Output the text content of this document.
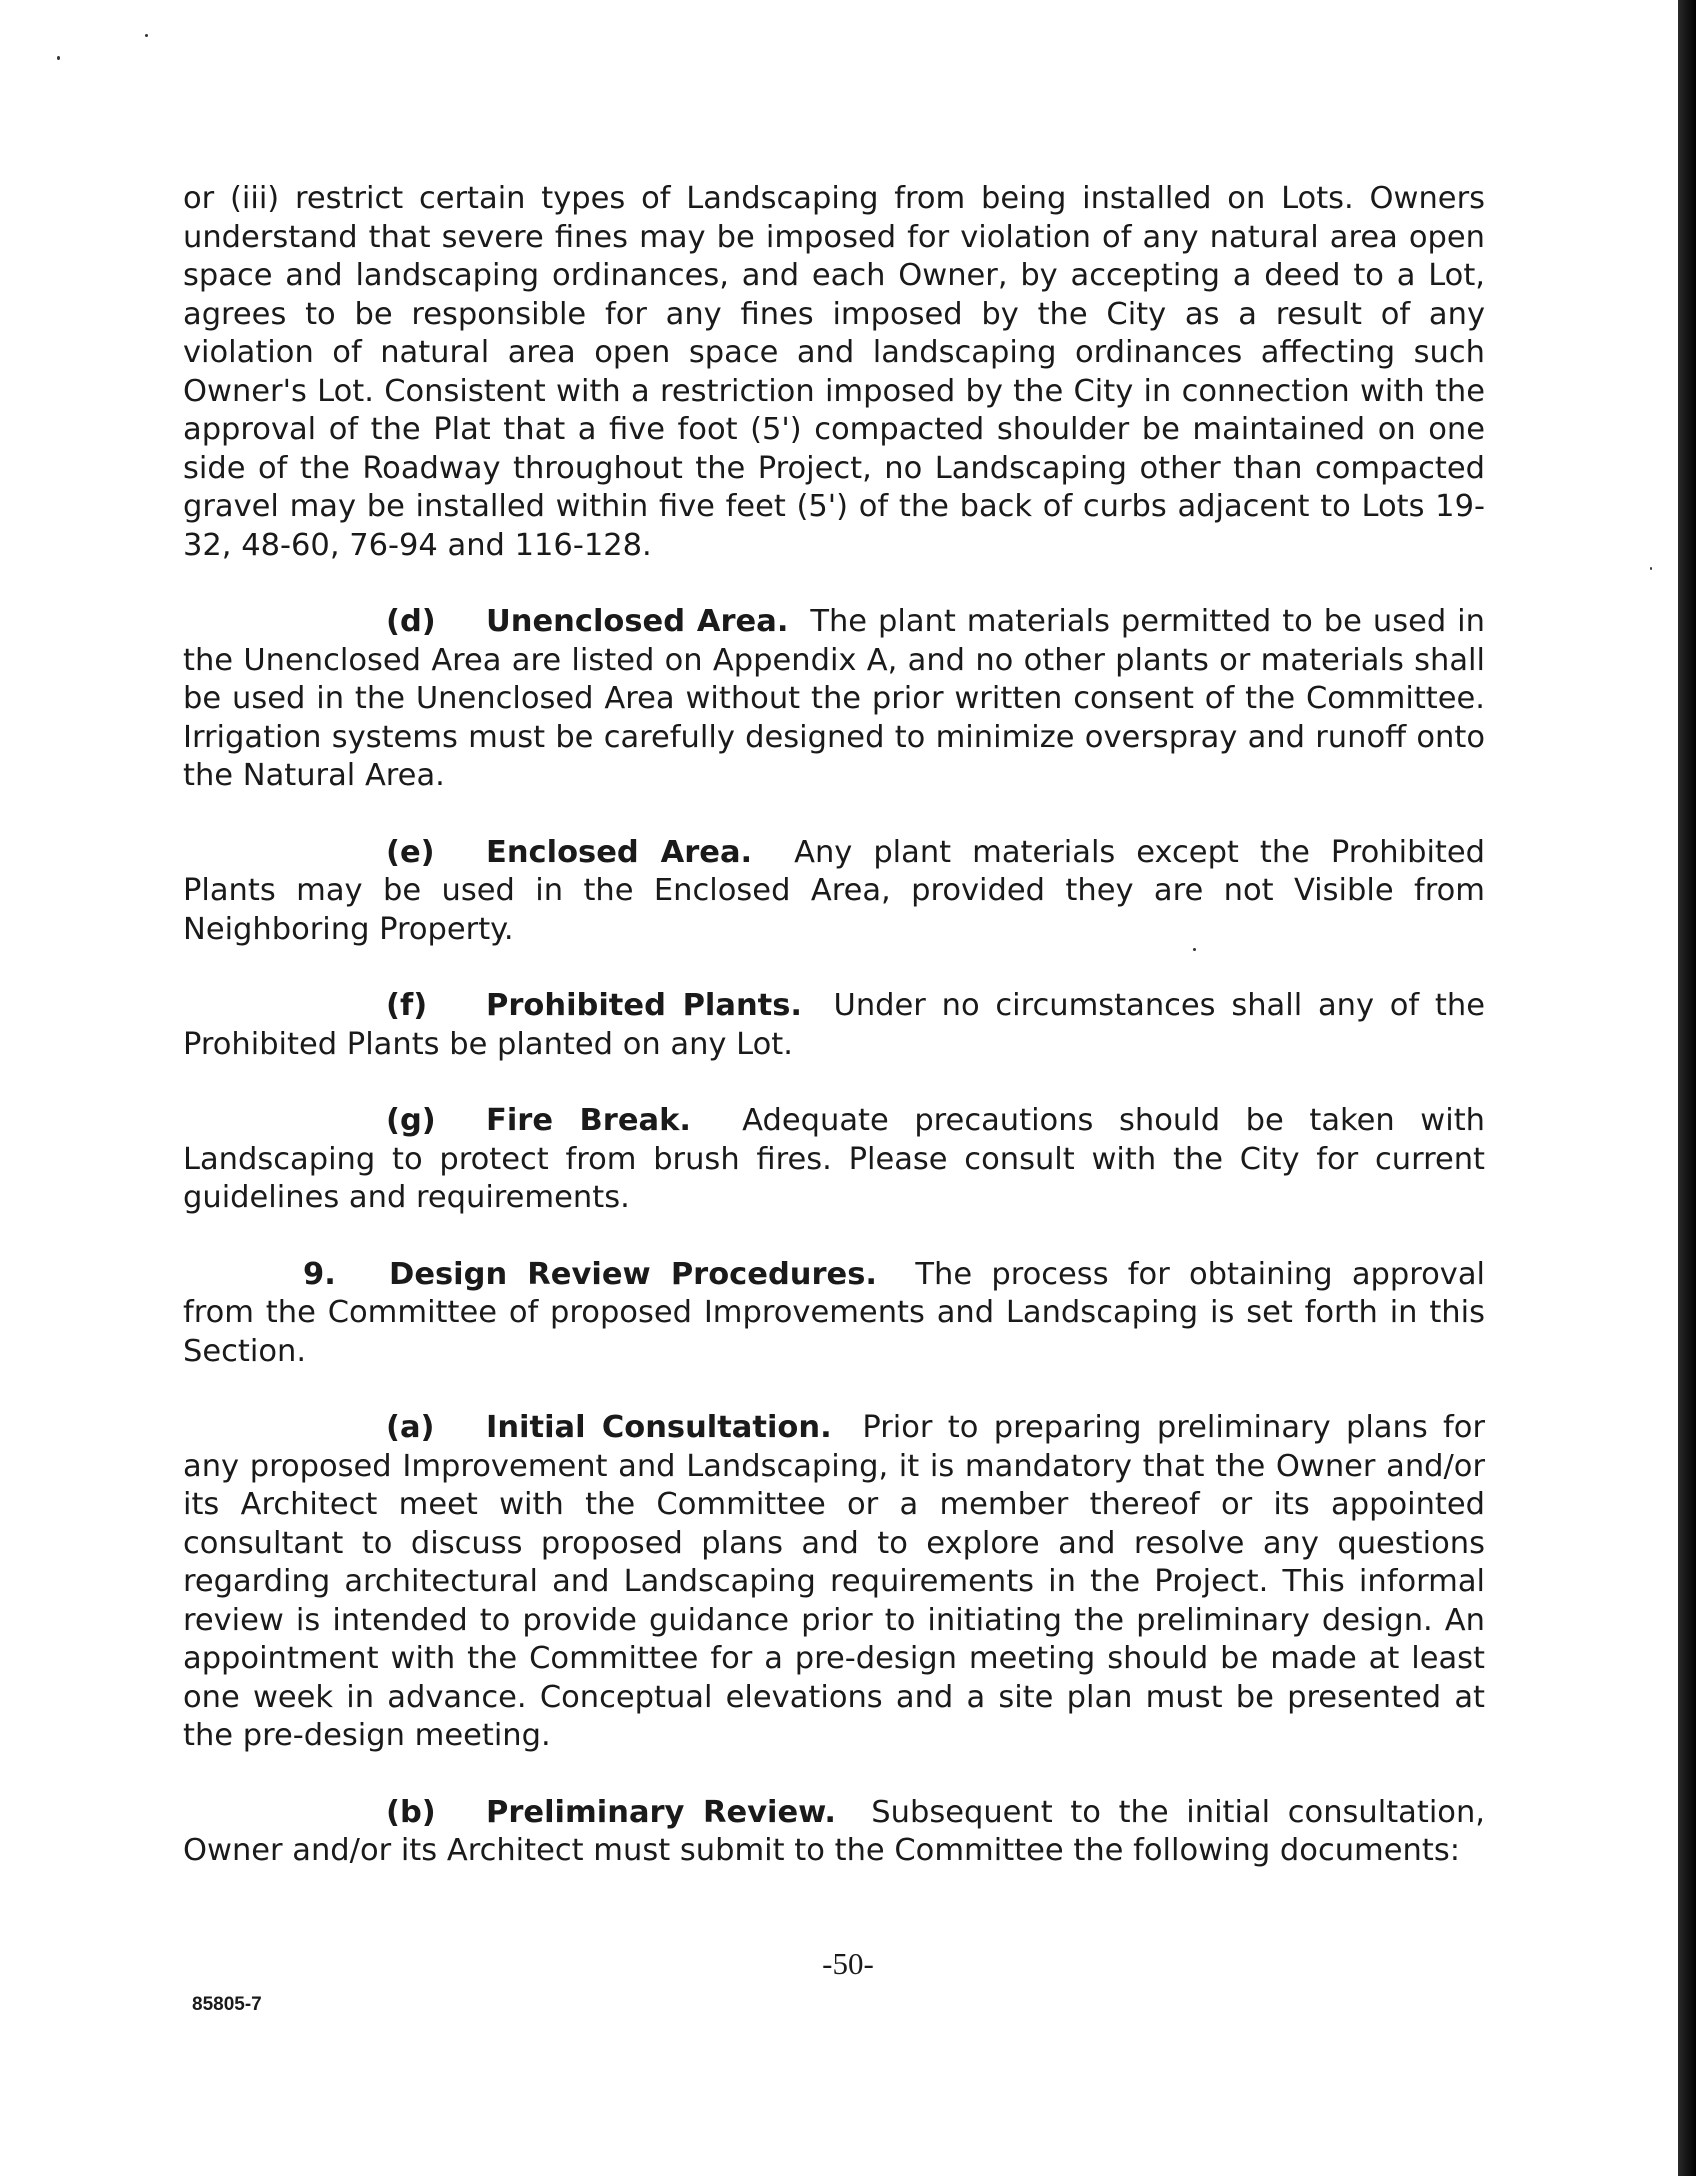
or (iii) restrict certain types of Landscaping from being installed on Lots. Owners understand that severe fines may be imposed for violation of any natural area open space and landscaping ordinances, and each Owner, by accepting a deed to a Lot, agrees to be responsible for any fines imposed by the City as a result of any violation of natural area open space and landscaping ordinances affecting such Owner's Lot. Consistent with a restriction imposed by the City in connection with the approval of the Plat that a five foot (5') compacted shoulder be maintained on one side of the Roadway throughout the Project, no Landscaping other than compacted gravel may be installed within five feet (5') of the back of curbs adjacent to Lots 19-32, 48-60, 76-94 and 116-128.

(d) Unenclosed Area. The plant materials permitted to be used in the Unenclosed Area are listed on Appendix A, and no other plants or materials shall be used in the Unenclosed Area without the prior written consent of the Committee. Irrigation systems must be carefully designed to minimize overspray and runoff onto the Natural Area.

(e) Enclosed Area. Any plant materials except the Prohibited Plants may be used in the Enclosed Area, provided they are not Visible from Neighboring Property.

(f) Prohibited Plants. Under no circumstances shall any of the Prohibited Plants be planted on any Lot.

(g) Fire Break. Adequate precautions should be taken with Landscaping to protect from brush fires. Please consult with the City for current guidelines and requirements.

9. Design Review Procedures. The process for obtaining approval from the Committee of proposed Improvements and Landscaping is set forth in this Section.

(a) Initial Consultation. Prior to preparing preliminary plans for any proposed Improvement and Landscaping, it is mandatory that the Owner and/or its Architect meet with the Committee or a member thereof or its appointed consultant to discuss proposed plans and to explore and resolve any questions regarding architectural and Landscaping requirements in the Project. This informal review is intended to provide guidance prior to initiating the preliminary design. An appointment with the Committee for a pre-design meeting should be made at least one week in advance. Conceptual elevations and a site plan must be presented at the pre-design meeting.

(b) Preliminary Review. Subsequent to the initial consultation, Owner and/or its Architect must submit to the Committee the following documents:

-50-
85805-7
